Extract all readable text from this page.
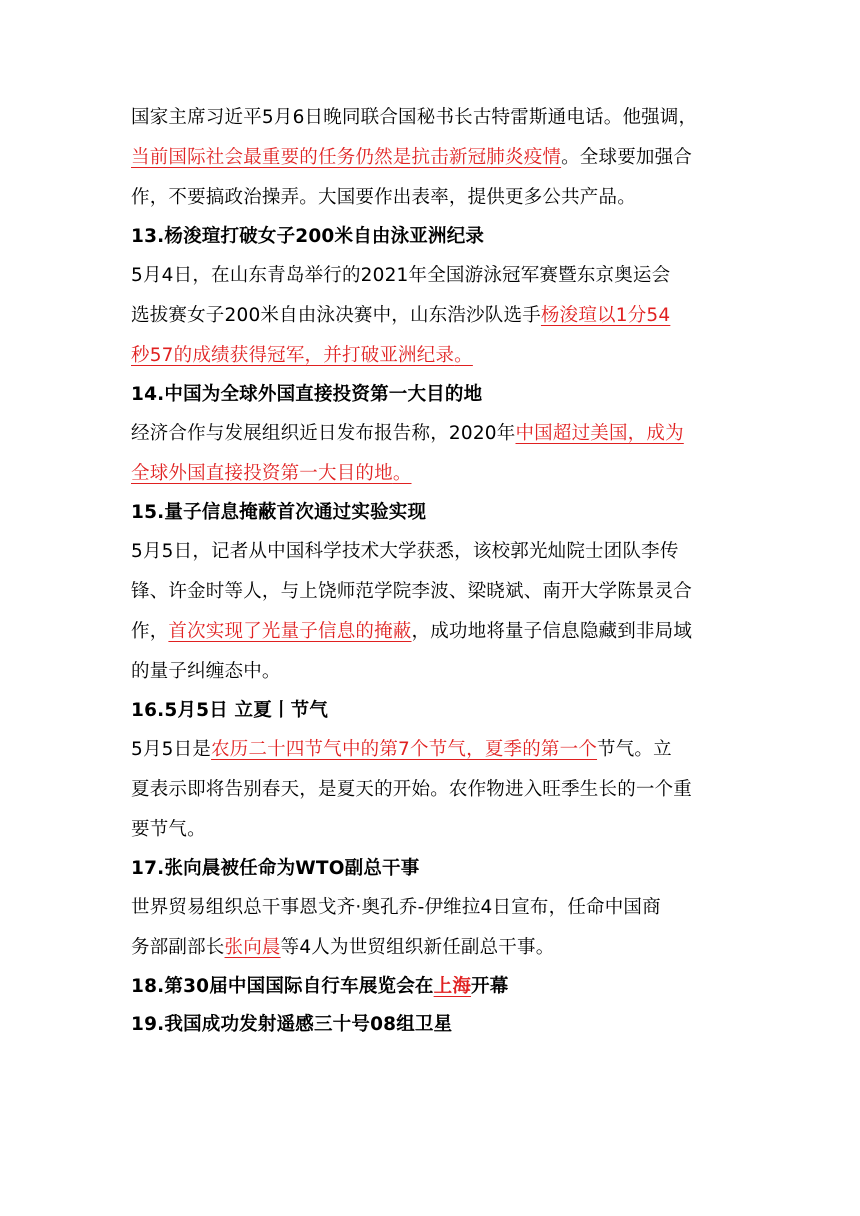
国家主席习近平5月6日晚同联合国秘书长古特雷斯通电话。他强调，
当前国际社会最重要的任务仍然是抗击新冠肺炎疫情。全球要加强合
作，不要搞政治操弄。大国要作出表率，提供更多公共产品。
13.杨浚瑄打破女子200米自由泳亚洲纪录
5月4日，在山东青岛举行的2021年全国游泳冠军赛暨东京奥运会
选拔赛女子200米自由泳决赛中，山东浩沙队选手杨浚瑄以1分54
秒57的成绩获得冠军，并打破亚洲纪录。
14.中国为全球外国直接投资第一大目的地
经济合作与发展组织近日发布报告称，2020年中国超过美国，成为
全球外国直接投资第一大目的地。
15.量子信息掩蔽首次通过实验实现
5月5日，记者从中国科学技术大学获悉，该校郭光灿院士团队李传
锋、许金时等人，与上饶师范学院李波、梁晓斌、南开大学陈景灵合
作，首次实现了光量子信息的掩蔽，成功地将量子信息隐藏到非局域
的量子纠缠态中。
16.5月5日 立夏丨节气
5月5日是农历二十四节气中的第7个节气，夏季的第一个节气。立
夏表示即将告别春天，是夏天的开始。农作物进入旺季生长的一个重
要节气。
17.张向晨被任命为WTO副总干事
世界贸易组织总干事恩戈齐·奥孔乔-伊维拉4日宣布，任命中国商
务部副部长张向晨等4人为世贸组织新任副总干事。
18.第30届中国国际自行车展览会在上海开幕
19.我国成功发射遥感三十号08组卫星
